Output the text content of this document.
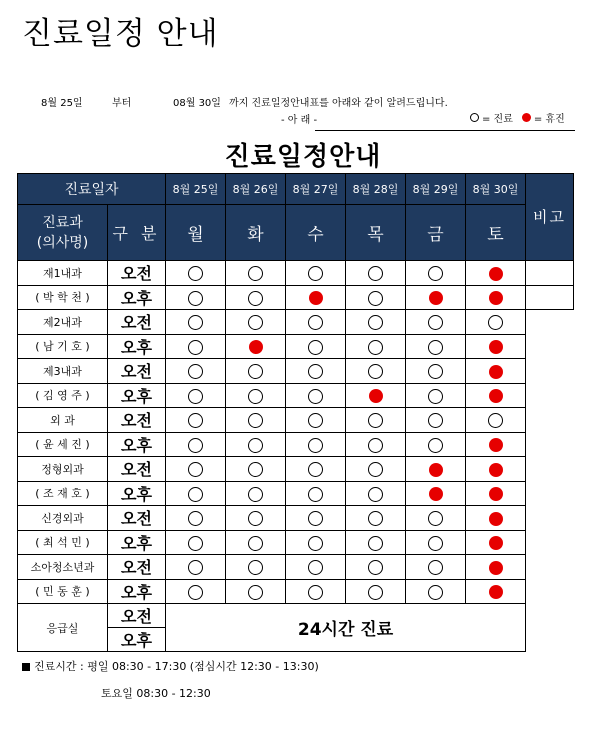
진료일정 안내
8월 25일	부터	08월 30일 까지 진료일정안내표를 아래와 같이 알려드립니다.
- 아 래 -	= 진료 = 휴진
진료일정안내
진료일자		8월 25일	8월 26일	8월 27일	8월 28일	8월 29일	8월 30일	비고

진료과
(의사명)	구 분	월	화	수	목	금	토	
재1내과	오전							
( 박 학 천 )	오후							
제2내과	오전							
( 남 기 호 )	오후							
제3내과	오전							
( 김 영 주 )	오후							
외 과	오전							
( 윤 세 진 )	오후							
정형외과	오전							
( 조 재 호 )	오후							
신경외과	오전							
( 최 석 민 )	오후							
소아청소년과	오전							
( 민 동 훈 )	오후							
응급실	오전	24시간 진료						
	오후							
진료시간 : 평일 08:30 - 17:30 (점심시간 12:30 - 13:30)
토요일 08:30 - 12:30
